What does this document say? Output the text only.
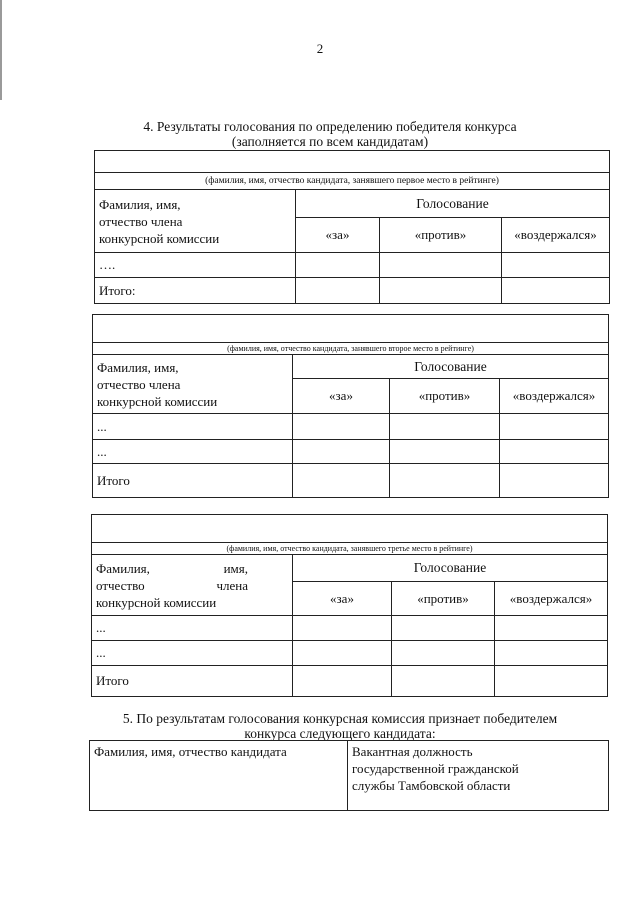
2
4. Результаты голосования по определению победителя конкурса
(заполняется по всем кандидатам)

(фамилия, имя, отчество кандидата, занявшего первое место в рейтинге)			

Фамилия, имя,
отчество члена
конкурсной комиссии	Голосование		
	«за»	«против»	«воздержался»
….			
Итого:			

(фамилия, имя, отчество кандидата, занявшего второе место в рейтинге)			

Фамилия, имя,
отчество члена
конкурсной комиссии	Голосование		
	«за»	«против»	«воздержался»
...			
...			
Итого			

(фамилия, имя, отчество кандидата, занявшего третье место в рейтинге)			

Фамилия, имя,
отчество члена
конкурсной комиссии	Голосование		
	«за»	«против»	«воздержался»
...			
...			
Итого			
5. По результатам голосования конкурсная комиссия признает победителем
конкурса следующего кандидата:
Фамилия, имя, отчество кандидата	Вакантная должность
государственной гражданской
службы Тамбовской области
